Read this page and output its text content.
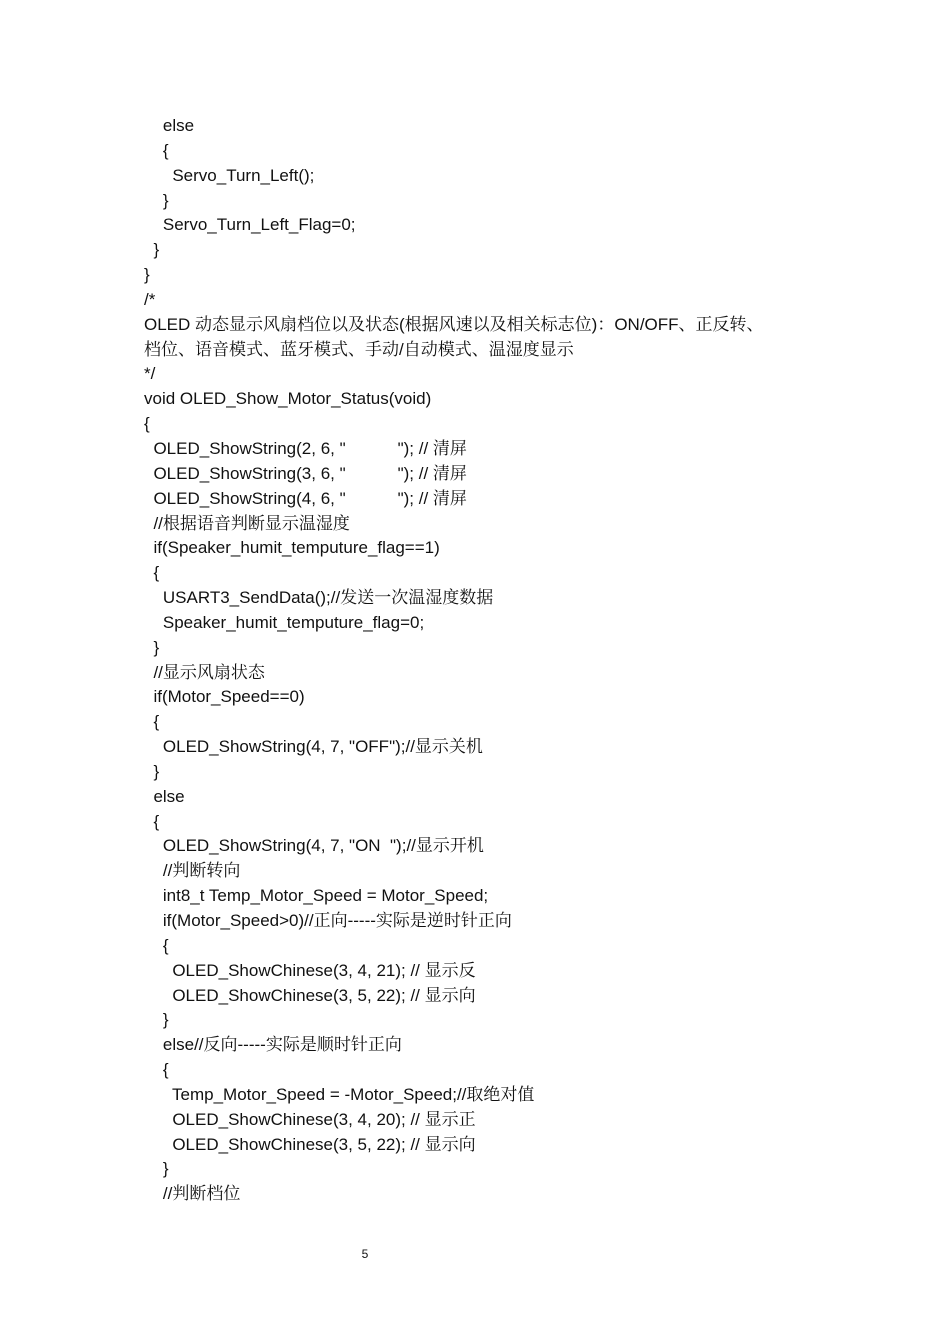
else
{
Servo_Turn_Left();
}
Servo_Turn_Left_Flag=0;
}
}
/*
OLED 动态显示风扇档位以及状态(根据风速以及相关标志位)：ON/OFF、正反转、
档位、语音模式、蓝牙模式、手动/自动模式、温湿度显示
*/
void OLED_Show_Motor_Status(void)
{
OLED_ShowString(2, 6, "           "); // 清屏
OLED_ShowString(3, 6, "           "); // 清屏
OLED_ShowString(4, 6, "           "); // 清屏
//根据语音判断显示温湿度
if(Speaker_humit_temputure_flag==1)
{
USART3_SendData();//发送一次温湿度数据
Speaker_humit_temputure_flag=0;
}
//显示风扇状态
if(Motor_Speed==0)
{
OLED_ShowString(4, 7, "OFF");//显示关机
}
else
{
OLED_ShowString(4, 7, "ON  ");//显示开机
//判断转向
int8_t Temp_Motor_Speed = Motor_Speed;
if(Motor_Speed>0)//正向-----实际是逆时针正向
{
OLED_ShowChinese(3, 4, 21); // 显示反
OLED_ShowChinese(3, 5, 22); // 显示向
}
else//反向-----实际是顺时针正向
{
Temp_Motor_Speed = -Motor_Speed;//取绝对值
OLED_ShowChinese(3, 4, 20); // 显示正
OLED_ShowChinese(3, 5, 22); // 显示向
}
//判断档位
5
